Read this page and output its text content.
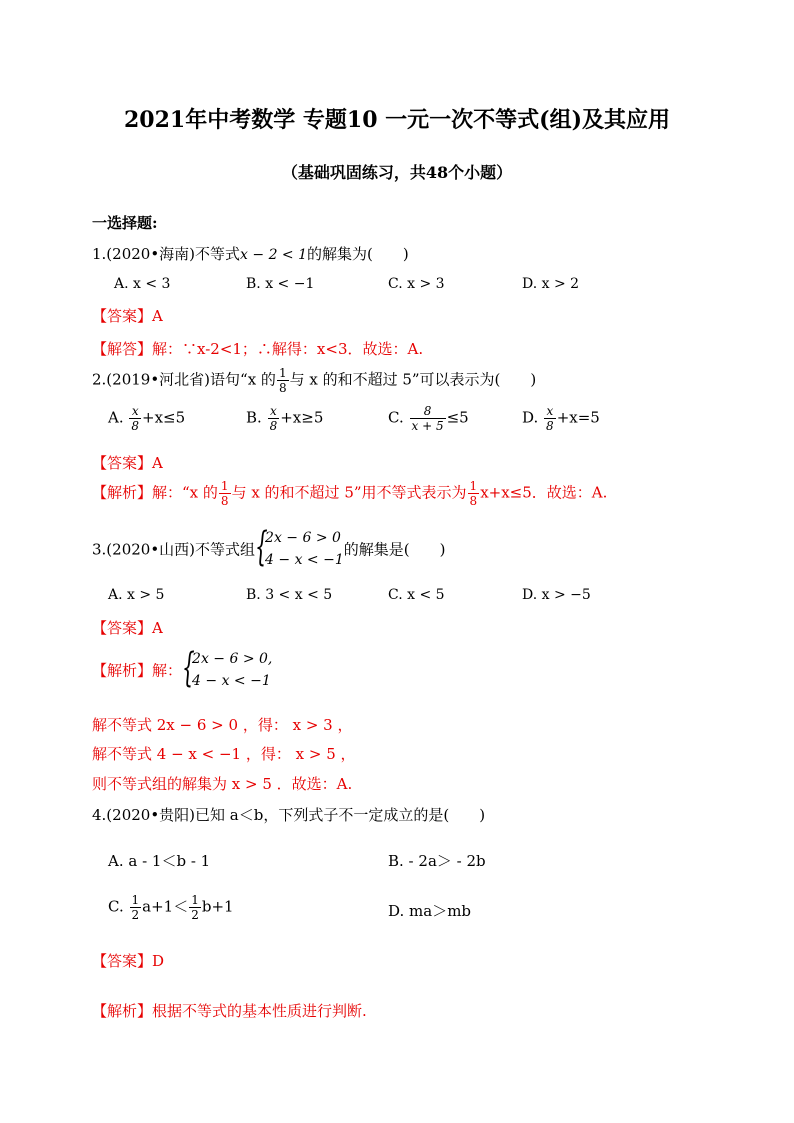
2021年中考数学 专题10 一元一次不等式(组)及其应用
（基础巩固练习，共48个小题）
一选择题:
1.(2020•海南)不等式x − 2 < 1的解集为(　　)
A. x < 3	B. x < −1	C. x > 3	D. x > 2
【答案】A
【解答】解：∵x-2<1；∴解得：x<3．故选：A.
2.(2019•河北省)语句“x 的 $\frac{1}{8}$ 与 x 的和不超过 5”可以表示为(　　)
A. $\frac{x}{8} +x\le 5$	B. $\frac{x}{8} +x\ge 5$	C. $\frac{8}{x + 5} \le 5$	D. $\frac{x}{8} +x=5$
【答案】A
【解析】解：“x 的 $\frac{1}{8}$ 与 x 的和不超过 5”用不等式表示为 $\frac{1}{8} x+x\le 5$．故选：A.
3.(2020•山西)不等式组 {
2x − 6 > 0
4 − x < −1
的解集是(　　)
A. x > 5	B. 3 < x < 5	C. x < 5	D. x > −5
【答案】A
【解析】解： {
2x − 6 > 0,
4 − x < −1
解不等式 2x − 6 > 0 ，得： x > 3 ，
解不等式 4 − x < −1 ，得： x > 5 ，
则不等式组的解集为 x > 5 ．故选：A.
4.(2020•贵阳)已知 a＜b，下列式子不一定成立的是(　　)
A. a - 1＜b - 1	B. - 2a＞ - 2b
C. $\frac{1}{2} a+1< \frac{1}{2} b+1$	D. ma＞mb
【答案】D
【解析】根据不等式的基本性质进行判断.
